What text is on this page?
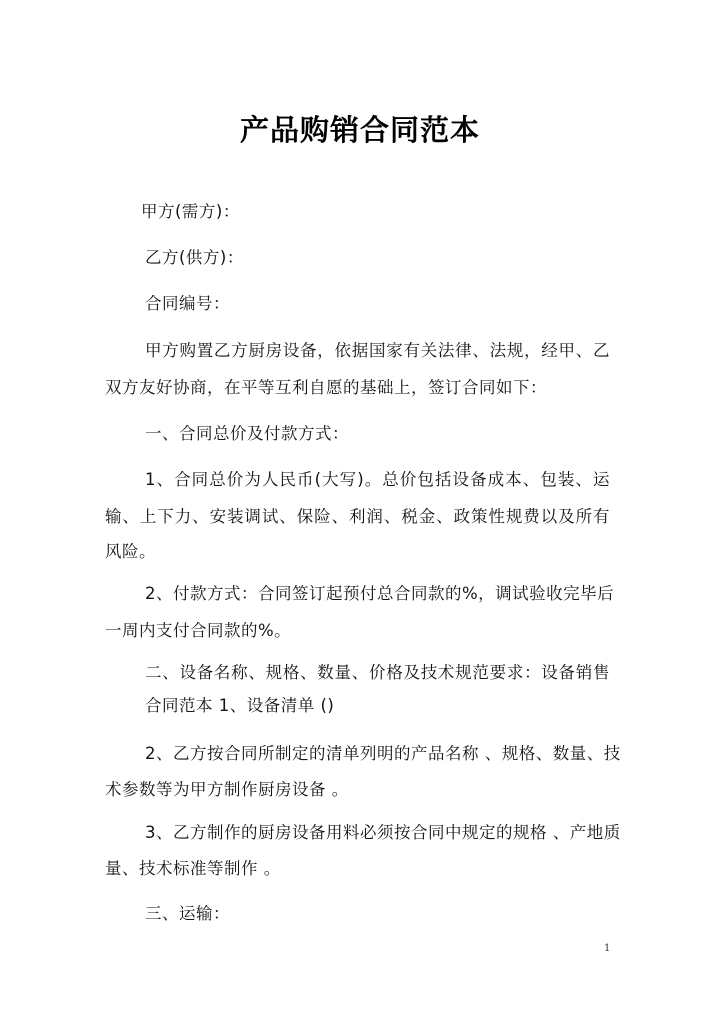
产品购销合同范本
甲方(需方)：
乙方(供方)：
合同编号：
甲方购置乙方厨房设备，依据国家有关法律、法规，经甲、乙
双方友好协商，在平等互利自愿的基础上，签订合同如下：
一、合同总价及付款方式：
1、合同总价为人民币(大写)。总价包括设备成本、包装、运
输、上下力、安装调试、保险、利润、税金、政策性规费以及所有
风险。
2、付款方式：合同签订起预付总合同款的%，调试验收完毕后
一周内支付合同款的%。
二、设备名称、规格、数量、价格及技术规范要求：设备销售
合同范本 1、设备清单 ()
2、乙方按合同所制定的清单列明的产品名称 、规格、数量、技
术参数等为甲方制作厨房设备 。
3、乙方制作的厨房设备用料必须按合同中规定的规格 、产地质
量、技术标准等制作 。
三、运输：
1
